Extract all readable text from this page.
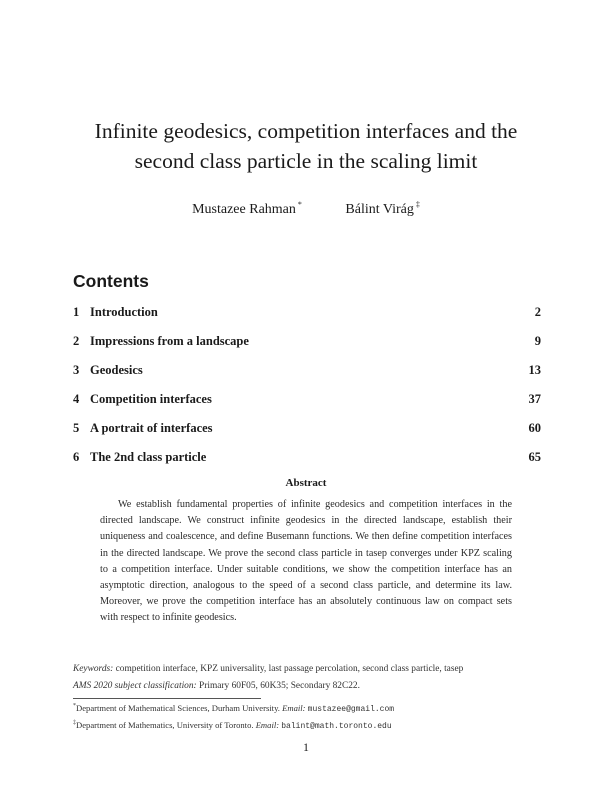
Infinite geodesics, competition interfaces and the
second class particle in the scaling limit
Mustazee Rahman *	Bálint Virág ‡
Contents
1 Introduction	2
2 Impressions from a landscape	9
3 Geodesics	13
4 Competition interfaces	37
5 A portrait of interfaces	60
6 The 2nd class particle	65
Abstract
We establish fundamental properties of infinite geodesics and competition interfaces in the directed landscape. We construct infinite geodesics in the directed landscape, establish their uniqueness and coalescence, and define Busemann functions. We then define competition interfaces in the directed landscape. We prove the second class particle in tasep converges under KPZ scaling to a competition interface. Under suitable conditions, we show the competition interface has an asymptotic direction, analogous to the speed of a second class particle, and determine its law. Moreover, we prove the competition interface has an absolutely continuous law on compact sets with respect to infinite geodesics.
Keywords: competition interface, KPZ universality, last passage percolation, second class particle, tasep
AMS 2020 subject classification: Primary 60F05, 60K35; Secondary 82C22.
*Department of Mathematical Sciences, Durham University. Email: mustazee@gmail.com
‡Department of Mathematics, University of Toronto. Email: balint@math.toronto.edu
1
